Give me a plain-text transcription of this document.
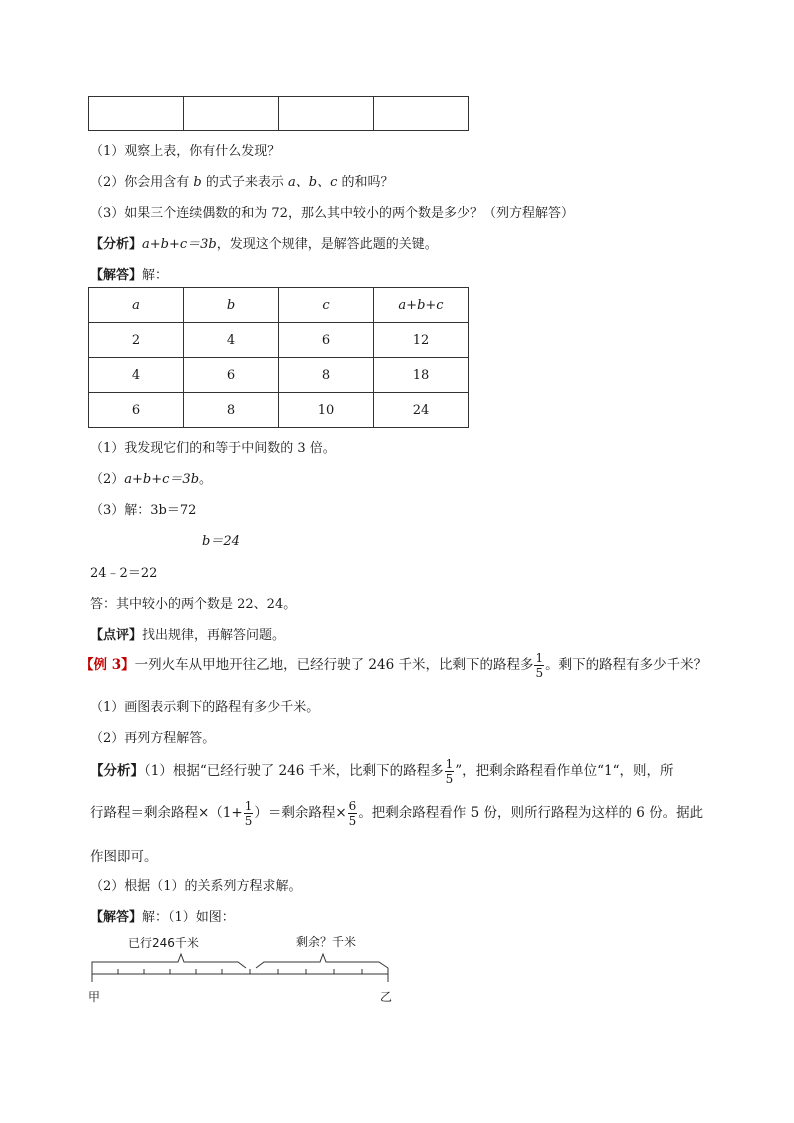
（1）观察上表，你有什么发现？
（2）你会用含有 b 的式子来表示 a、b、c 的和吗？
（3）如果三个连续偶数的和为 72，那么其中较小的两个数是多少？（列方程解答）
【分析】a+b+c＝3b，发现这个规律，是解答此题的关键。
【解答】解：
a	b	c	a+b+c
2	4	6	12
4	6	8	18
6	8	10	24
（1）我发现它们的和等于中间数的 3 倍。
（2）a+b+c＝3b。
（3）解：3b＝72
b＝24
24﹣2＝22
答：其中较小的两个数是 22、24。
【点评】找出规律，再解答问题。
【例 3】一列火车从甲地开往乙地，已经行驶了 246 千米，比剩下的路程多 $\frac{1}{5}$ 。剩下的路程有多少千米？
（1）画图表示剩下的路程有多少千米。
（2）再列方程解答。
【分析】（1）根据“已经行驶了 246 千米，比剩下的路程多 $\frac{1}{5}$ ”，把剩余路程看作单位“1“，则，所
行路程＝剩余路程$\times(1+ \frac{1}{5}$ ）＝剩余路程× $\frac{6}{5}$ 。把剩余路程看作 5 份，则所行路程为这样的 6 份。据此
作图即可。
（2）根据（1）的关系列方程求解。
【解答】解：（1）如图：
已行246千米	剩余？千米
甲	乙
